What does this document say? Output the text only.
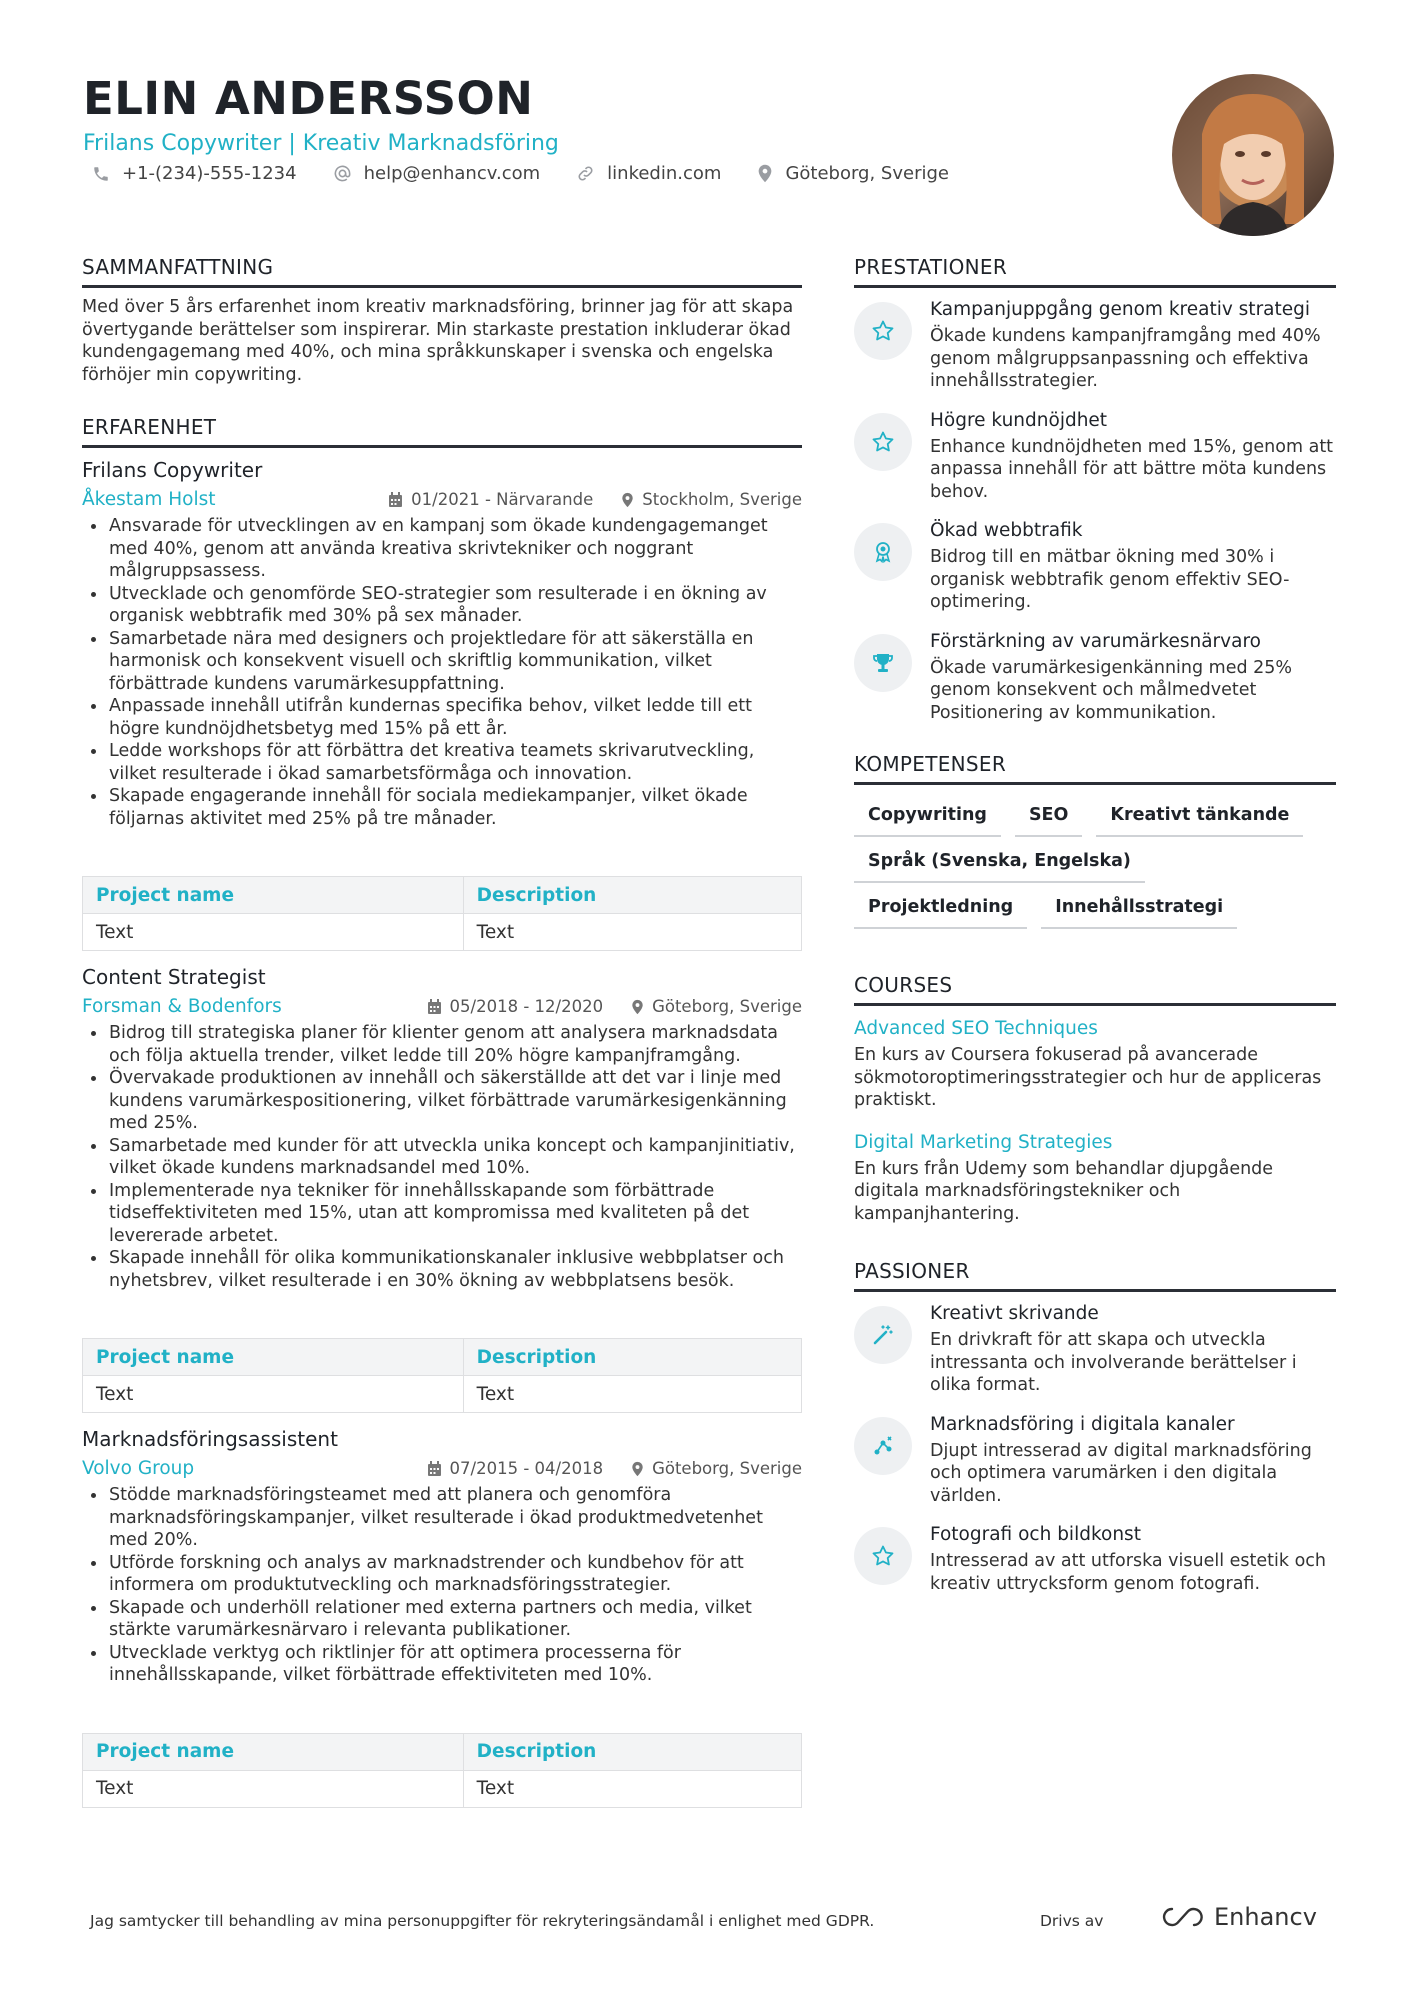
ELIN ANDERSSON
Frilans Copywriter | Kreativ Marknadsföring
+1-(234)-555-1234	help@enhancv.com	linkedin.com	Göteborg, Sverige
SAMMANFATTNING
Med över 5 års erfarenhet inom kreativ marknadsföring, brinner jag för att skapa övertygande berättelser som inspirerar. Min starkaste prestation inkluderar ökad kundengagemang med 40%, och mina språkkunskaper i svenska och engelska förhöjer min copywriting.
ERFARENHET
Frilans Copywriter
Åkestam Holst	01/2021 - Närvarande	Stockholm, Sverige
Ansvarade för utvecklingen av en kampanj som ökade kundengagemanget med 40%, genom att använda kreativa skrivtekniker och noggrant målgruppsassess.
Utvecklade och genomförde SEO-strategier som resulterade i en ökning av organisk webbtrafik med 30% på sex månader.
Samarbetade nära med designers och projektledare för att säkerställa en harmonisk och konsekvent visuell och skriftlig kommunikation, vilket förbättrade kundens varumärkesuppfattning.
Anpassade innehåll utifrån kundernas specifika behov, vilket ledde till ett högre kundnöjdhetsbetyg med 15% på ett år.
Ledde workshops för att förbättra det kreativa teamets skrivarutveckling, vilket resulterade i ökad samarbetsförmåga och innovation.
Skapade engagerande innehåll för sociala mediekampanjer, vilket ökade följarnas aktivitet med 25% på tre månader.
Project name	Description
Text	Text
Content Strategist
Forsman & Bodenfors	05/2018 - 12/2020	Göteborg, Sverige
Bidrog till strategiska planer för klienter genom att analysera marknadsdata och följa aktuella trender, vilket ledde till 20% högre kampanjframgång.
Övervakade produktionen av innehåll och säkerställde att det var i linje med kundens varumärkespositionering, vilket förbättrade varumärkesigenkänning med 25%.
Samarbetade med kunder för att utveckla unika koncept och kampanjinitiativ, vilket ökade kundens marknadsandel med 10%.
Implementerade nya tekniker för innehållsskapande som förbättrade tidseffektiviteten med 15%, utan att kompromissa med kvaliteten på det levererade arbetet.
Skapade innehåll för olika kommunikationskanaler inklusive webbplatser och nyhetsbrev, vilket resulterade i en 30% ökning av webbplatsens besök.
Project name	Description
Text	Text
Marknadsföringsassistent
Volvo Group	07/2015 - 04/2018	Göteborg, Sverige
Stödde marknadsföringsteamet med att planera och genomföra marknadsföringskampanjer, vilket resulterade i ökad produktmedvetenhet med 20%.
Utförde forskning och analys av marknadstrender och kundbehov för att informera om produktutveckling och marknadsföringsstrategier.
Skapade och underhöll relationer med externa partners och media, vilket stärkte varumärkesnärvaro i relevanta publikationer.
Utvecklade verktyg och riktlinjer för att optimera processerna för innehållsskapande, vilket förbättrade effektiviteten med 10%.
Project name	Description
Text	Text
PRESTATIONER
Kampanjuppgång genom kreativ strategi
Ökade kundens kampanjframgång med 40% genom målgruppsanpassning och effektiva innehållsstrategier.
Högre kundnöjdhet
Enhance kundnöjdheten med 15%, genom att anpassa innehåll för att bättre möta kundens behov.
Ökad webbtrafik
Bidrog till en mätbar ökning med 30% i organisk webbtrafik genom effektiv SEO-optimering.
Förstärkning av varumärkesnärvaro
Ökade varumärkesigenkänning med 25% genom konsekvent och målmedvetet Positionering av kommunikation.
KOMPETENSER
Copywriting	SEO	Kreativt tänkande
Språk (Svenska, Engelska)
Projektledning	Innehållsstrategi
COURSES
Advanced SEO Techniques
En kurs av Coursera fokuserad på avancerade sökmotoroptimeringsstrategier och hur de appliceras praktiskt.
Digital Marketing Strategies
En kurs från Udemy som behandlar djupgående digitala marknadsföringstekniker och kampanjhantering.
PASSIONER
Kreativt skrivande
En drivkraft för att skapa och utveckla intressanta och involverande berättelser i olika format.
Marknadsföring i digitala kanaler
Djupt intresserad av digital marknadsföring och optimera varumärken i den digitala världen.
Fotografi och bildkonst
Intresserad av att utforska visuell estetik och kreativ uttrycksform genom fotografi.
Jag samtycker till behandling av mina personuppgifter för rekryteringsändamål i enlighet med GDPR.	Drivs av	Enhancv
